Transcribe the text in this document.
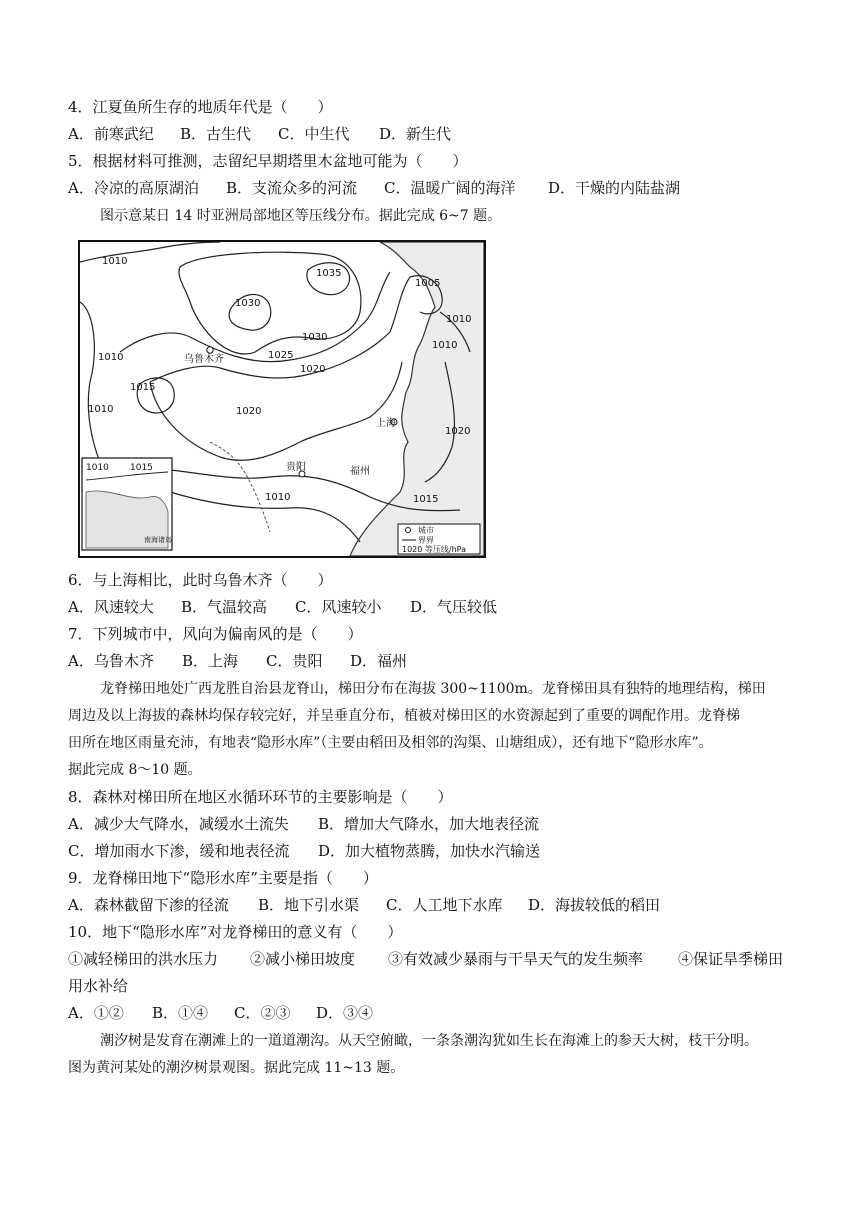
4．江夏鱼所生存的地质年代是（　　）
A．前寒武纪 B．古生代 C．中生代 D．新生代
5．根据材料可推测，志留纪早期塔里木盆地可能为（　　）
A．冷凉的高原湖泊 B．支流众多的河流 C．温暖广阔的海洋 D．干燥的内陆盐湖
图示意某日 14 时亚洲局部地区等压线分布。据此完成 6~7 题。
1010
1035
1030
1030
1005
1010	1025
1020
1020
1010
1010
1020
1015
1010
1010
1015
乌鲁木齐
上海
贵阳	福州
1010 1015
南海诸岛
城市
界界
1020 等压线/hPa
6．与上海相比，此时乌鲁木齐（　　）
A．风速较大 B．气温较高 C．风速较小 D．气压较低
7．下列城市中，风向为偏南风的是（　　）
A．乌鲁木齐 B．上海 C．贵阳 D．福州
龙脊梯田地处广西龙胜自治县龙脊山，梯田分布在海拔 300~1100m。龙脊梯田具有独特的地理结构，梯田
周边及以上海拔的森林均保存较完好，并呈垂直分布，植被对梯田区的水资源起到了重要的调配作用。龙脊梯
田所在地区雨量充沛，有地表“隐形水库”（主要由稻田及相邻的沟渠、山塘组成），还有地下“隐形水库”。
据此完成 8～10 题。
8．森林对梯田所在地区水循环环节的主要影响是（　　）
A．减少大气降水，减缓水土流失 B．增加大气降水，加大地表径流
C．增加雨水下渗，缓和地表径流 D．加大植物蒸腾，加快水汽输送
9．龙脊梯田地下“隐形水库”主要是指（　　）
A．森林截留下渗的径流 B．地下引水渠 C．人工地下水库 D．海拔较低的稻田
10．地下“隐形水库”对龙脊梯田的意义有（　　）
①减轻梯田的洪水压力 ②减小梯田坡度 ③有效减少暴雨与干旱天气的发生频率 ④保证旱季梯田
用水补给
A．①② B．①④ C．②③ D．③④
潮汐树是发育在潮滩上的一道道潮沟。从天空俯瞰，一条条潮沟犹如生长在海滩上的参天大树，枝干分明。
图为黄河某处的潮汐树景观图。据此完成 11~13 题。
